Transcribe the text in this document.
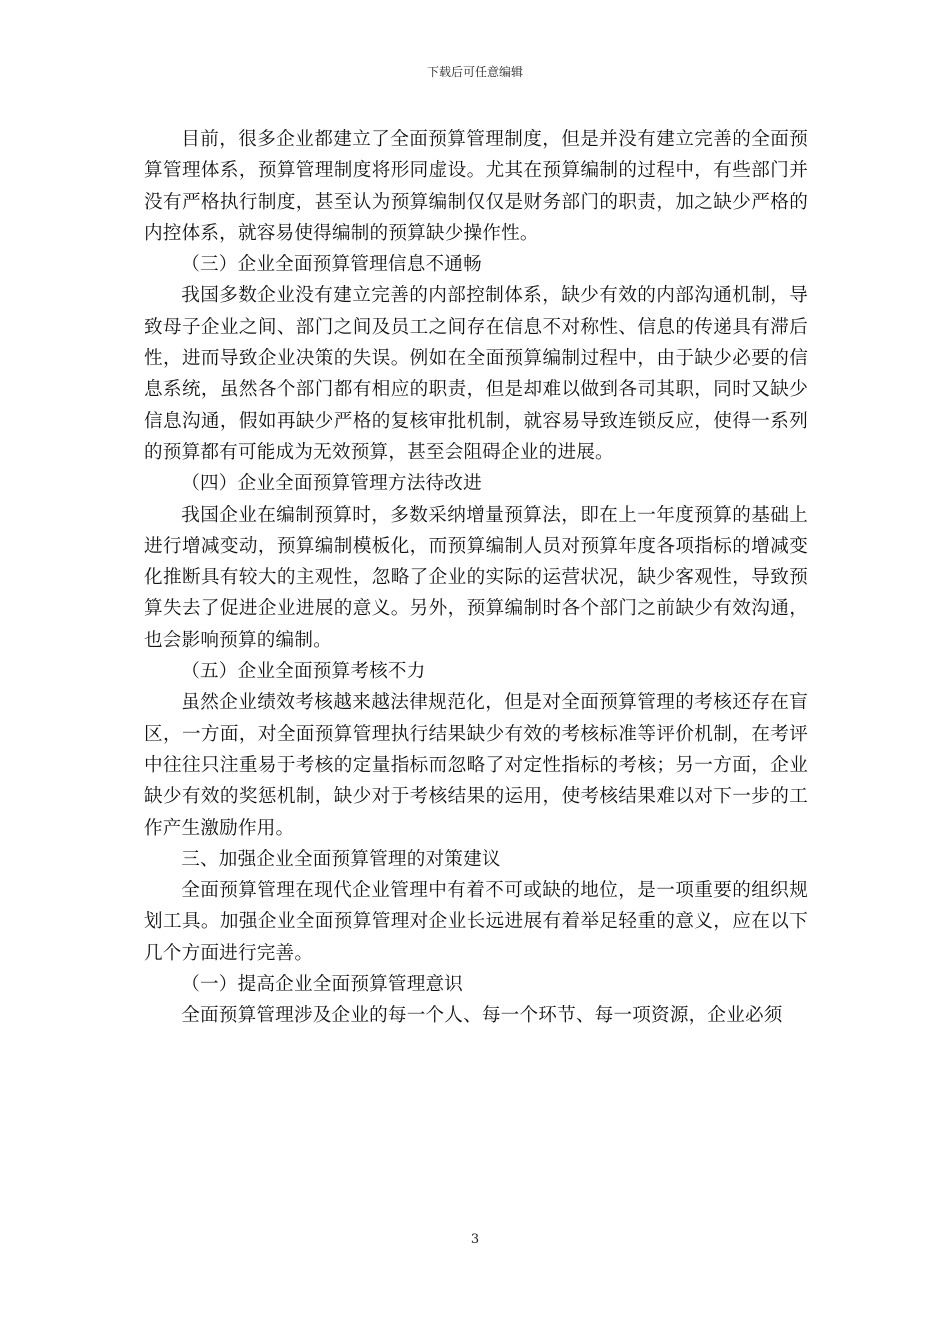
下载后可任意编辑

目前，很多企业都建立了全面预算管理制度，但是并没有建立完善的全面预算管理体系，预算管理制度将形同虚设。尤其在预算编制的过程中，有些部门并没有严格执行制度，甚至认为预算编制仅仅是财务部门的职责，加之缺少严格的内控体系，就容易使得编制的预算缺少操作性。

（三）企业全面预算管理信息不通畅

我国多数企业没有建立完善的内部控制体系，缺少有效的内部沟通机制，导致母子企业之间、部门之间及员工之间存在信息不对称性、信息的传递具有滞后性，进而导致企业决策的失误。例如在全面预算编制过程中，由于缺少必要的信息系统，虽然各个部门都有相应的职责，但是却难以做到各司其职，同时又缺少信息沟通，假如再缺少严格的复核审批机制，就容易导致连锁反应，使得一系列的预算都有可能成为无效预算，甚至会阻碍企业的进展。

（四）企业全面预算管理方法待改进

我国企业在编制预算时，多数采纳增量预算法，即在上一年度预算的基础上进行增减变动，预算编制模板化，而预算编制人员对预算年度各项指标的增减变化推断具有较大的主观性，忽略了企业的实际的运营状况，缺少客观性，导致预算失去了促进企业进展的意义。另外，预算编制时各个部门之前缺少有效沟通，也会影响预算的编制。

（五）企业全面预算考核不力

虽然企业绩效考核越来越法律规范化，但是对全面预算管理的考核还存在盲区，一方面，对全面预算管理执行结果缺少有效的考核标准等评价机制，在考评中往往只注重易于考核的定量指标而忽略了对定性指标的考核；另一方面，企业缺少有效的奖惩机制，缺少对于考核结果的运用，使考核结果难以对下一步的工作产生激励作用。

三、加强企业全面预算管理的对策建议

全面预算管理在现代企业管理中有着不可或缺的地位，是一项重要的组织规划工具。加强企业全面预算管理对企业长远进展有着举足轻重的意义，应在以下几个方面进行完善。

（一）提高企业全面预算管理意识

全面预算管理涉及企业的每一个人、每一个环节、每一项资源，企业必须

3
